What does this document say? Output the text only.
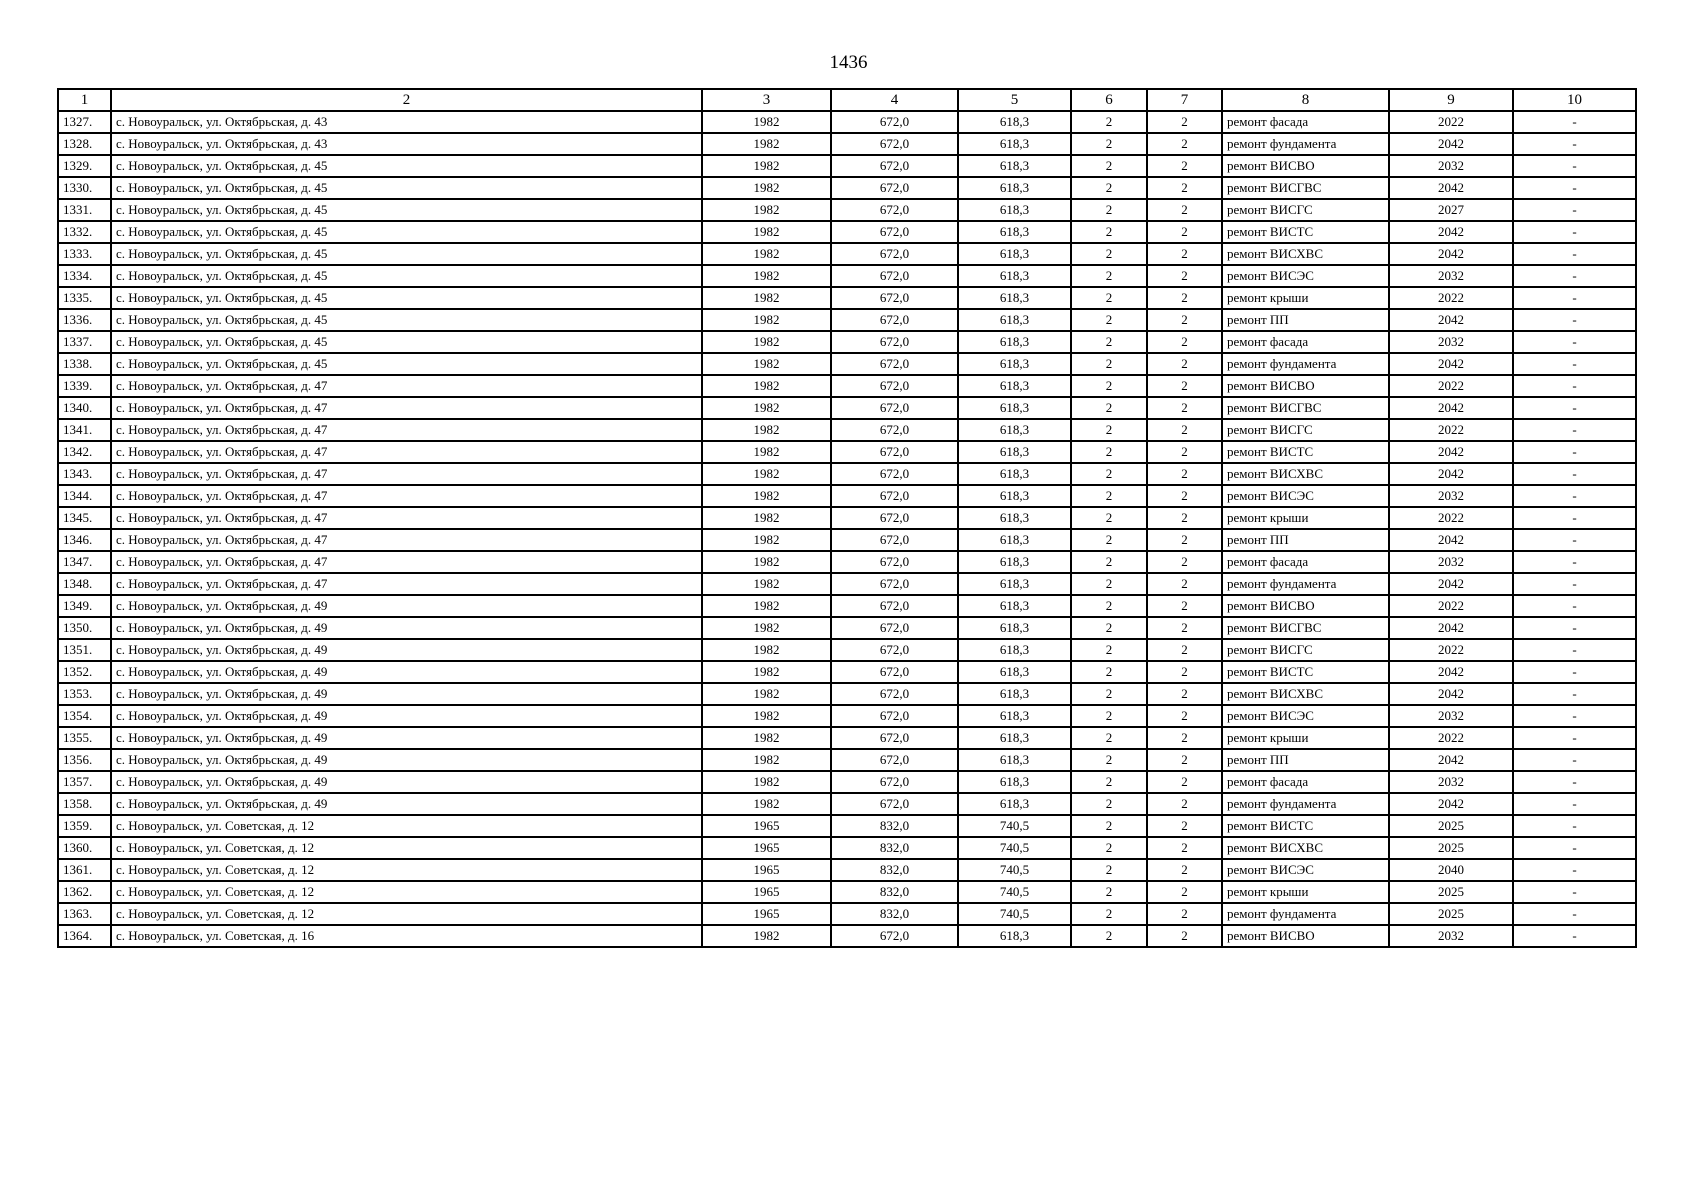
1436
1	2	3	4	5	6	7	8	9	10
1327.	с. Новоуральск, ул. Октябрьская, д. 43	1982	672,0	618,3	2	2	ремонт фасада	2022	-
1328.	с. Новоуральск, ул. Октябрьская, д. 43	1982	672,0	618,3	2	2	ремонт фундамента	2042	-
1329.	с. Новоуральск, ул. Октябрьская, д. 45	1982	672,0	618,3	2	2	ремонт ВИСВО	2032	-
1330.	с. Новоуральск, ул. Октябрьская, д. 45	1982	672,0	618,3	2	2	ремонт ВИСГВС	2042	-
1331.	с. Новоуральск, ул. Октябрьская, д. 45	1982	672,0	618,3	2	2	ремонт ВИСГС	2027	-
1332.	с. Новоуральск, ул. Октябрьская, д. 45	1982	672,0	618,3	2	2	ремонт ВИСТС	2042	-
1333.	с. Новоуральск, ул. Октябрьская, д. 45	1982	672,0	618,3	2	2	ремонт ВИСХВС	2042	-
1334.	с. Новоуральск, ул. Октябрьская, д. 45	1982	672,0	618,3	2	2	ремонт ВИСЭС	2032	-
1335.	с. Новоуральск, ул. Октябрьская, д. 45	1982	672,0	618,3	2	2	ремонт крыши	2022	-
1336.	с. Новоуральск, ул. Октябрьская, д. 45	1982	672,0	618,3	2	2	ремонт ПП	2042	-
1337.	с. Новоуральск, ул. Октябрьская, д. 45	1982	672,0	618,3	2	2	ремонт фасада	2032	-
1338.	с. Новоуральск, ул. Октябрьская, д. 45	1982	672,0	618,3	2	2	ремонт фундамента	2042	-
1339.	с. Новоуральск, ул. Октябрьская, д. 47	1982	672,0	618,3	2	2	ремонт ВИСВО	2022	-
1340.	с. Новоуральск, ул. Октябрьская, д. 47	1982	672,0	618,3	2	2	ремонт ВИСГВС	2042	-
1341.	с. Новоуральск, ул. Октябрьская, д. 47	1982	672,0	618,3	2	2	ремонт ВИСГС	2022	-
1342.	с. Новоуральск, ул. Октябрьская, д. 47	1982	672,0	618,3	2	2	ремонт ВИСТС	2042	-
1343.	с. Новоуральск, ул. Октябрьская, д. 47	1982	672,0	618,3	2	2	ремонт ВИСХВС	2042	-
1344.	с. Новоуральск, ул. Октябрьская, д. 47	1982	672,0	618,3	2	2	ремонт ВИСЭС	2032	-
1345.	с. Новоуральск, ул. Октябрьская, д. 47	1982	672,0	618,3	2	2	ремонт крыши	2022	-
1346.	с. Новоуральск, ул. Октябрьская, д. 47	1982	672,0	618,3	2	2	ремонт ПП	2042	-
1347.	с. Новоуральск, ул. Октябрьская, д. 47	1982	672,0	618,3	2	2	ремонт фасада	2032	-
1348.	с. Новоуральск, ул. Октябрьская, д. 47	1982	672,0	618,3	2	2	ремонт фундамента	2042	-
1349.	с. Новоуральск, ул. Октябрьская, д. 49	1982	672,0	618,3	2	2	ремонт ВИСВО	2022	-
1350.	с. Новоуральск, ул. Октябрьская, д. 49	1982	672,0	618,3	2	2	ремонт ВИСГВС	2042	-
1351.	с. Новоуральск, ул. Октябрьская, д. 49	1982	672,0	618,3	2	2	ремонт ВИСГС	2022	-
1352.	с. Новоуральск, ул. Октябрьская, д. 49	1982	672,0	618,3	2	2	ремонт ВИСТС	2042	-
1353.	с. Новоуральск, ул. Октябрьская, д. 49	1982	672,0	618,3	2	2	ремонт ВИСХВС	2042	-
1354.	с. Новоуральск, ул. Октябрьская, д. 49	1982	672,0	618,3	2	2	ремонт ВИСЭС	2032	-
1355.	с. Новоуральск, ул. Октябрьская, д. 49	1982	672,0	618,3	2	2	ремонт крыши	2022	-
1356.	с. Новоуральск, ул. Октябрьская, д. 49	1982	672,0	618,3	2	2	ремонт ПП	2042	-
1357.	с. Новоуральск, ул. Октябрьская, д. 49	1982	672,0	618,3	2	2	ремонт фасада	2032	-
1358.	с. Новоуральск, ул. Октябрьская, д. 49	1982	672,0	618,3	2	2	ремонт фундамента	2042	-
1359.	с. Новоуральск, ул. Советская, д. 12	1965	832,0	740,5	2	2	ремонт ВИСТС	2025	-
1360.	с. Новоуральск, ул. Советская, д. 12	1965	832,0	740,5	2	2	ремонт ВИСХВС	2025	-
1361.	с. Новоуральск, ул. Советская, д. 12	1965	832,0	740,5	2	2	ремонт ВИСЭС	2040	-
1362.	с. Новоуральск, ул. Советская, д. 12	1965	832,0	740,5	2	2	ремонт крыши	2025	-
1363.	с. Новоуральск, ул. Советская, д. 12	1965	832,0	740,5	2	2	ремонт фундамента	2025	-
1364.	с. Новоуральск, ул. Советская, д. 16	1982	672,0	618,3	2	2	ремонт ВИСВО	2032	-
